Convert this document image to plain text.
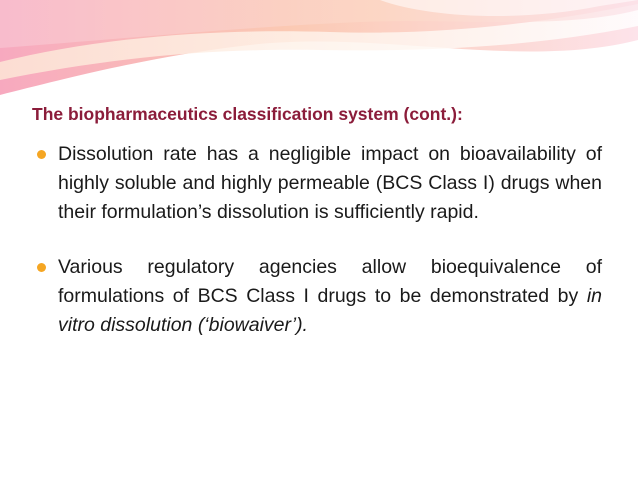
The biopharmaceutics classification system (cont.):
Dissolution rate has a negligible impact on bioavailability of highly soluble and highly permeable (BCS Class I) drugs when their formulation’s dissolution is sufficiently rapid.
Various regulatory agencies allow bioequivalence of formulations of BCS Class I drugs to be demonstrated by in vitro dissolution (‘biowaiver’).
